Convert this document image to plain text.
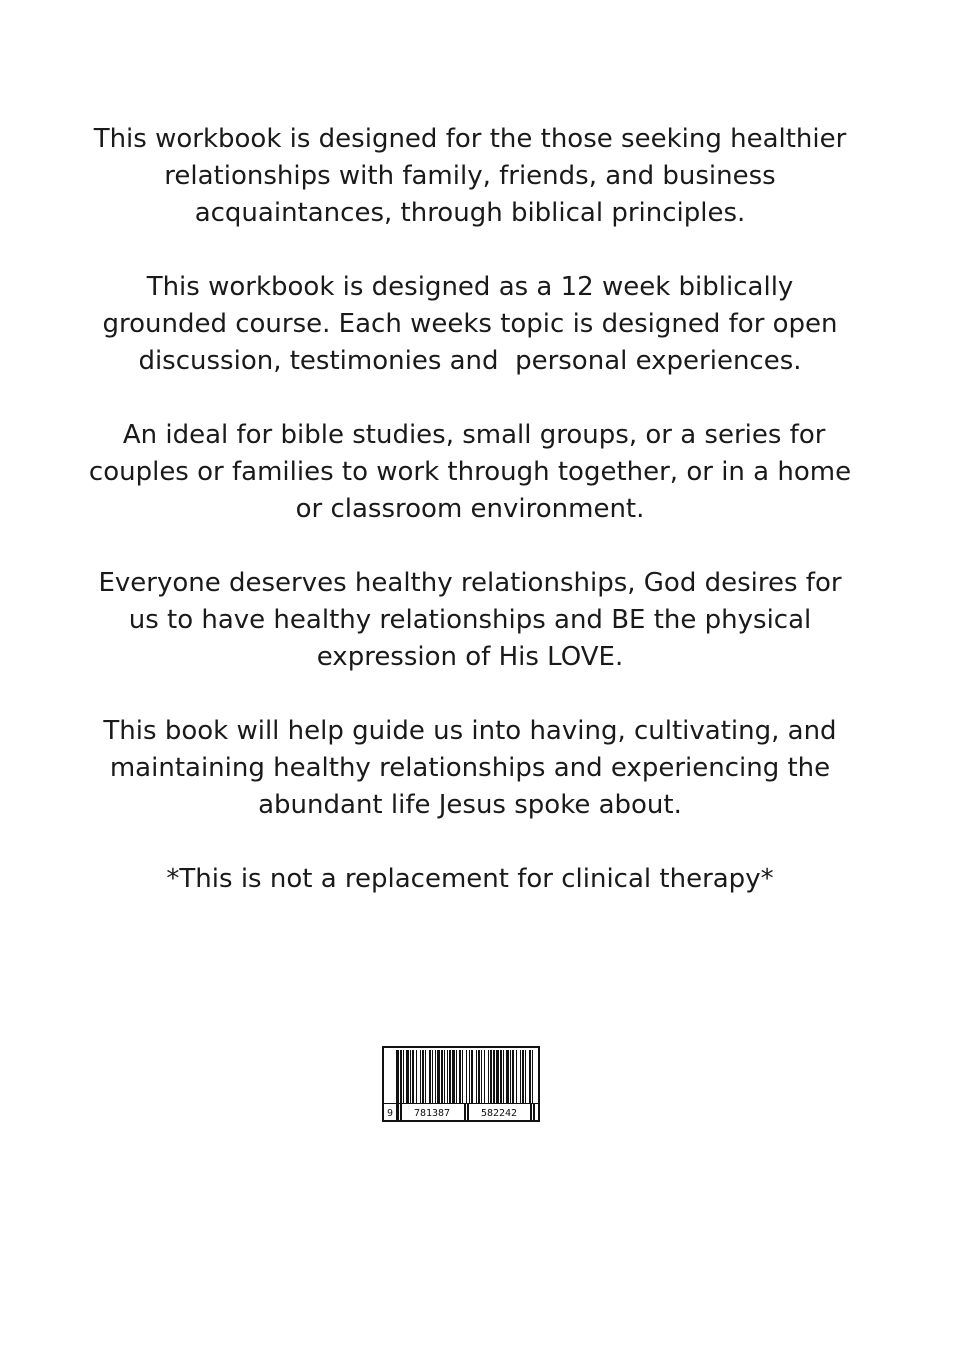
This workbook is designed for the those seeking healthier
relationships with family, friends, and business
acquaintances, through biblical principles.

This workbook is designed as a 12 week biblically
grounded course. Each weeks topic is designed for open
discussion, testimonies and  personal experiences.

An ideal for bible studies, small groups, or a series for
couples or families to work through together, or in a home
or classroom environment.

Everyone deserves healthy relationships, God desires for
us to have healthy relationships and BE the physical
expression of His LOVE.

This book will help guide us into having, cultivating, and
maintaining healthy relationships and experiencing the
abundant life Jesus spoke about.

*This is not a replacement for clinical therapy*

9 781387	582242
